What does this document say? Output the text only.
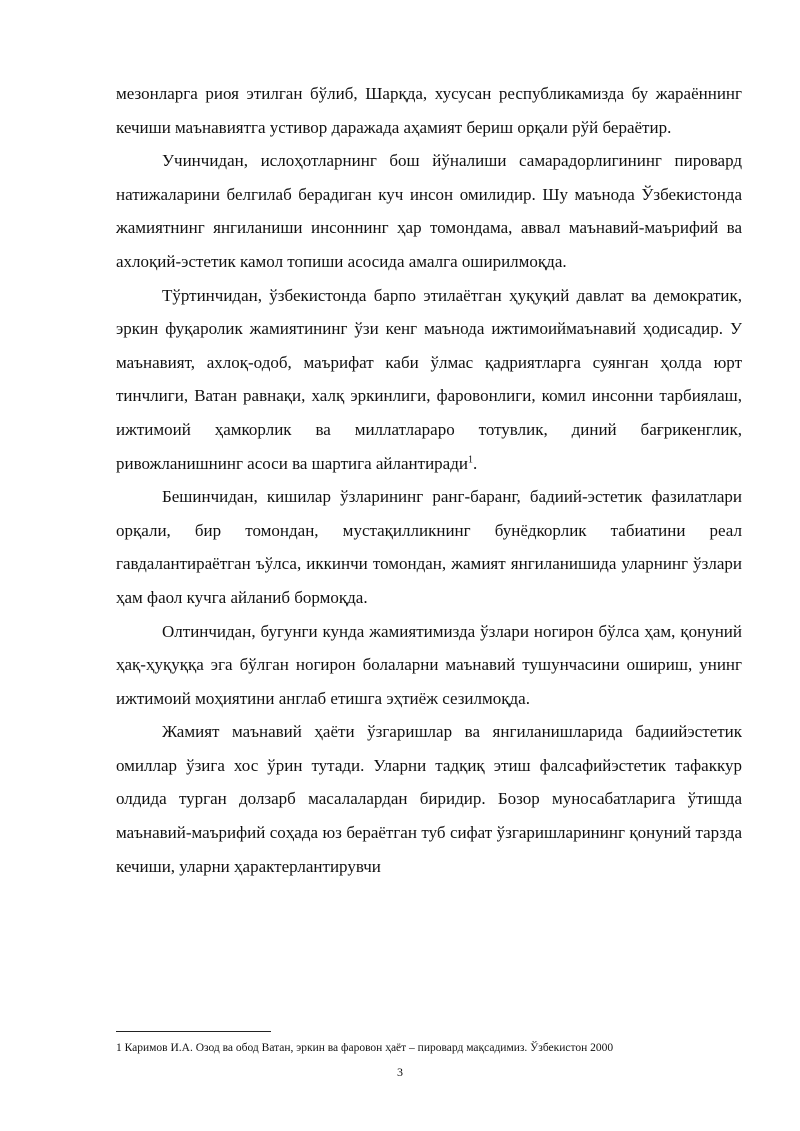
мезонларга риоя этилган бўлиб, Шарқда, хусусан республикамизда бу жараённинг кечиши маънавиятга устивор даражада аҳамият бериш орқали рўй бераётир.

Учинчидан, ислоҳотларнинг бош йўналиши самарадорлигининг пировард натижаларини белгилаб берадиган куч инсон омилидир. Шу маънода Ўзбекистонда жамиятнинг янгиланиши инсоннинг ҳар томондама, аввал маънавий-маърифий ва ахлоқий-эстетик камол топиши асосида амалга оширилмоқда.

Тўртинчидан, ўзбекистонда барпо этилаётган ҳуқуқий давлат ва демократик, эркин фуқаролик жамиятининг ўзи кенг маънода ижтимоиймаънавий ҳодисадир. У маънавият, ахлоқ-одоб, маърифат каби ўлмас қадриятларга суянган ҳолда юрт тинчлиги, Ватан равнақи, халқ эркинлиги, фаровонлиги, комил инсонни тарбиялаш, ижтимоий ҳамкорлик ва миллатлараро тотувлик, диний бағрикенглик, ривожланишнинг асоси ва шартига айлантиради$^1$.

Бешинчидан, кишилар ўзларининг ранг-баранг, бадиий-эстетик фазилатлари орқали, бир томондан, мустақилликнинг бунёдкорлик табиатини реал гавдалантираётган ъўлса, иккинчи томондан, жамият янгиланишида уларнинг ўзлари ҳам фаол кучга айланиб бормоқда.

Олтинчидан, бугунги кунда жамиятимизда ўзлари ногирон бўлса ҳам, қонуний ҳақ-ҳуқуққа эга бўлган ногирон болаларни маънавий тушунчасини ошириш, унинг ижтимоий моҳиятини англаб етишга эҳтиёж сезилмоқда.

Жамият маънавий ҳаёти ўзгаришлар ва янгиланишларида бадиийэстетик омиллар ўзига хос ўрин тутади. Уларни тадқиқ этиш фалсафийэстетик тафаккур олдида турган долзарб масалалардан биридир. Бозор муносабатларига ўтишда маънавий-маърифий соҳада юз бераётган туб сифат ўзгаришларининг қонуний тарзда кечиши, уларни ҳарактерлантирувчи

1 Каримов И.А. Озод ва обод Ватан, эркин ва фаровон ҳаёт – пировард мақсадимиз. Ўзбекистон 2000

3
